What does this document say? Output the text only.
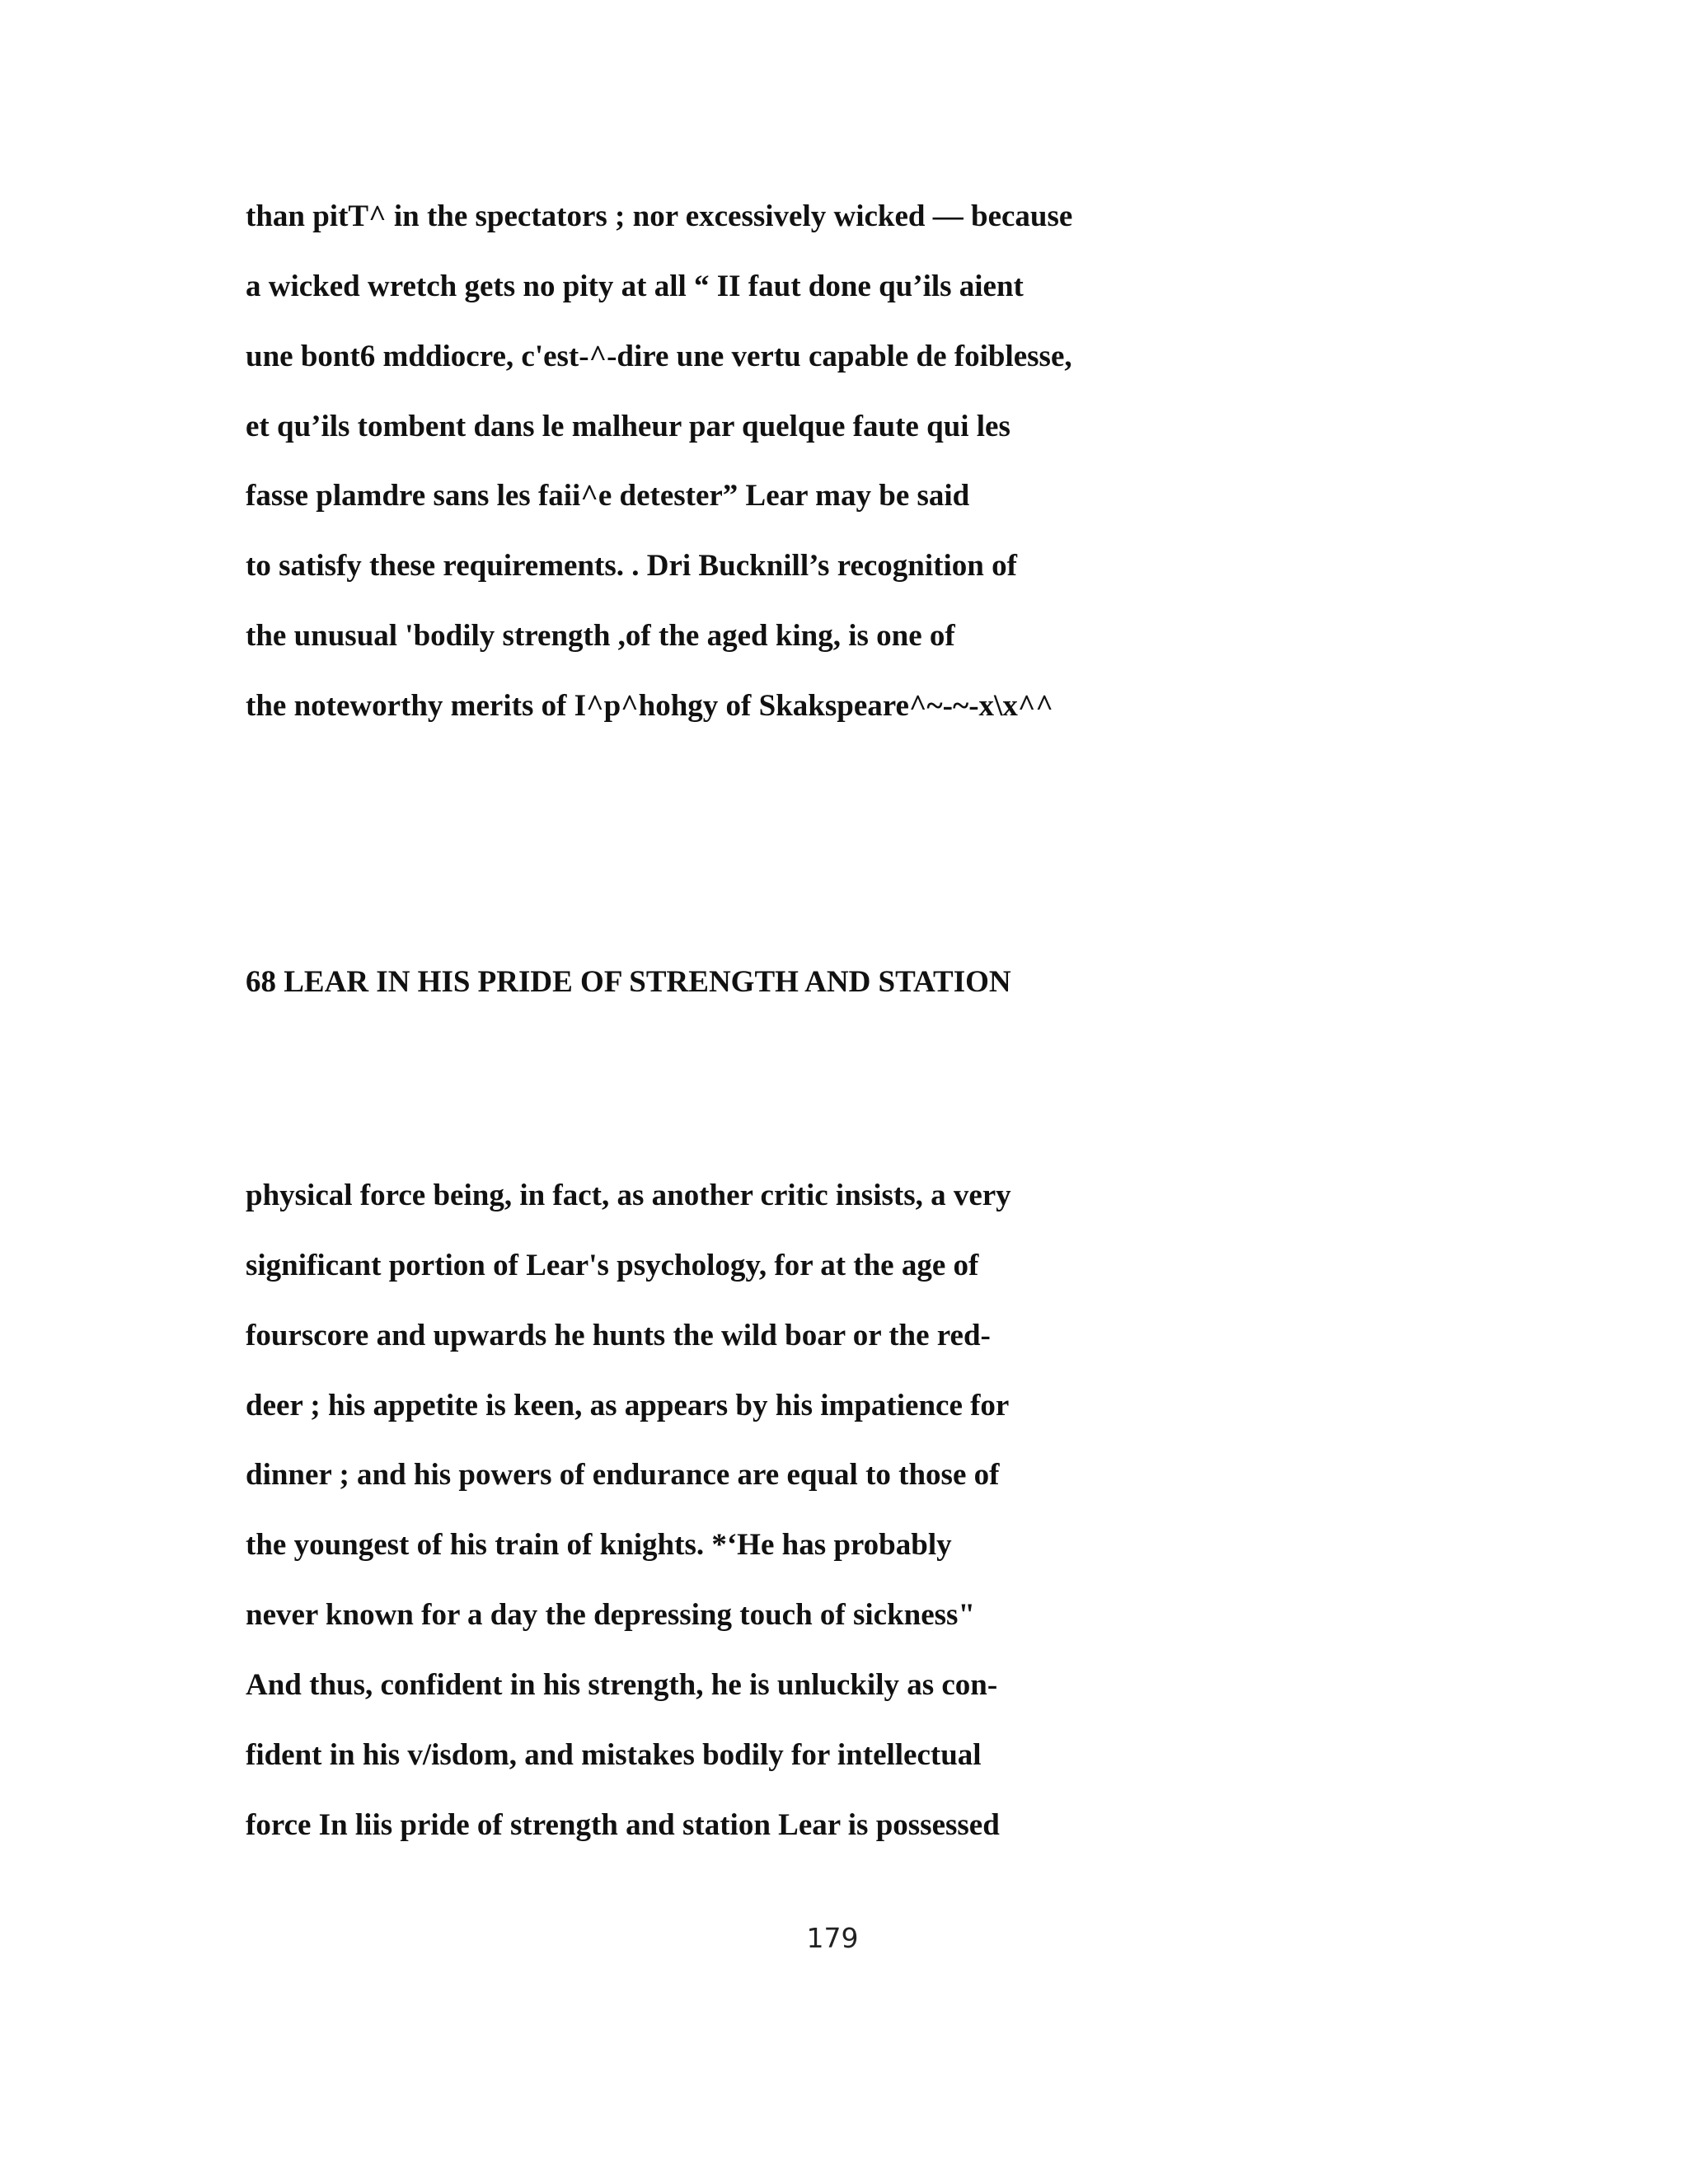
than pitT^ in the spectators ; nor excessively wicked — because
a wicked wretch gets no pity at all “ II faut done qu’ils aient
une bont6 mddiocre, c'est-^-dire une vertu capable de foiblesse,
et qu’ils tombent dans le malheur par quelque faute qui les
fasse plamdre sans les faii^e detester” Lear may be said
to satisfy these requirements. . Dri Bucknill’s recognition of
the unusual 'bodily strength ,of the aged king, is one of
the noteworthy merits of I^p^hohgy of Skakspeare^~-~-x\x^^
68 LEAR IN HIS PRIDE OF STRENGTH AND STATION
physical force being, in fact, as another critic insists, a very
significant portion of Lear's psychology, for at the age of
fourscore and upwards he hunts the wild boar or the red-
deer ; his appetite is keen, as appears by his impatience for
dinner ; and his powers of endurance are equal to those of
the youngest of his train of knights. *‘He has probably
never known for a day the depressing touch of sickness"
And thus, confident in his strength, he is unluckily as con-
fident in his v/isdom, and mistakes bodily for intellectual
force In liis pride of strength and station Lear is possessed
179
